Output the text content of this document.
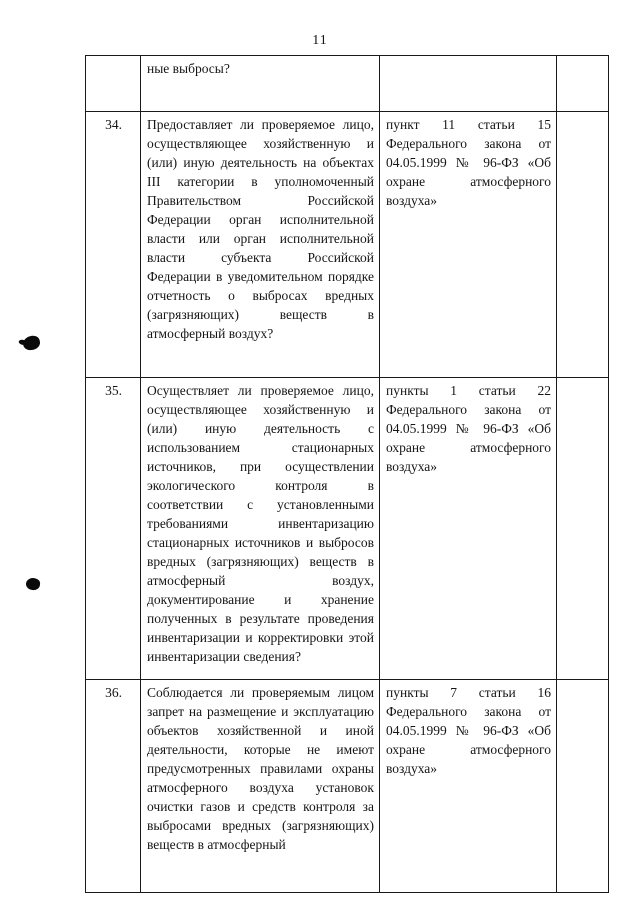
11
	ные выбросы?		
34.	Предоставляет ли проверяемое лицо, осуществляющее хозяйственную и (или) иную деятельность на объектах III категории в уполномоченный Правительством Российской Федерации орган исполнительной власти или орган исполнительной власти субъекта Российской Федерации в уведомительном порядке отчетность о выбросах вредных (загрязняющих) веществ в атмосферный воздух?	пункт 11 статьи 15 Федерального закона от 04.05.1999 № 96-ФЗ «Об охране атмосферного воздуха»	
35.	Осуществляет ли проверяемое лицо, осуществляющее хозяйственную и (или) иную деятельность с использованием стационарных источников, при осуществлении экологического контроля в соответствии с установленными требованиями инвентаризацию стационарных источников и выбросов вредных (загрязняющих) веществ в атмосферный воздух, документирование и хранение полученных в результате проведения инвентаризации и корректировки этой инвентаризации сведения?	пункты 1 статьи 22 Федерального закона от 04.05.1999 № 96-ФЗ «Об охране атмосферного воздуха»	
36.	Соблюдается ли проверяемым лицом запрет на размещение и эксплуатацию объектов хозяйственной и иной деятельности, которые не имеют предусмотренных правилами охраны атмосферного воздуха установок очистки газов и средств контроля за выбросами вредных (загрязняющих) веществ в атмосферный	пункты 7 статьи 16 Федерального закона от 04.05.1999 № 96-ФЗ «Об охране атмосферного воздуха»	
